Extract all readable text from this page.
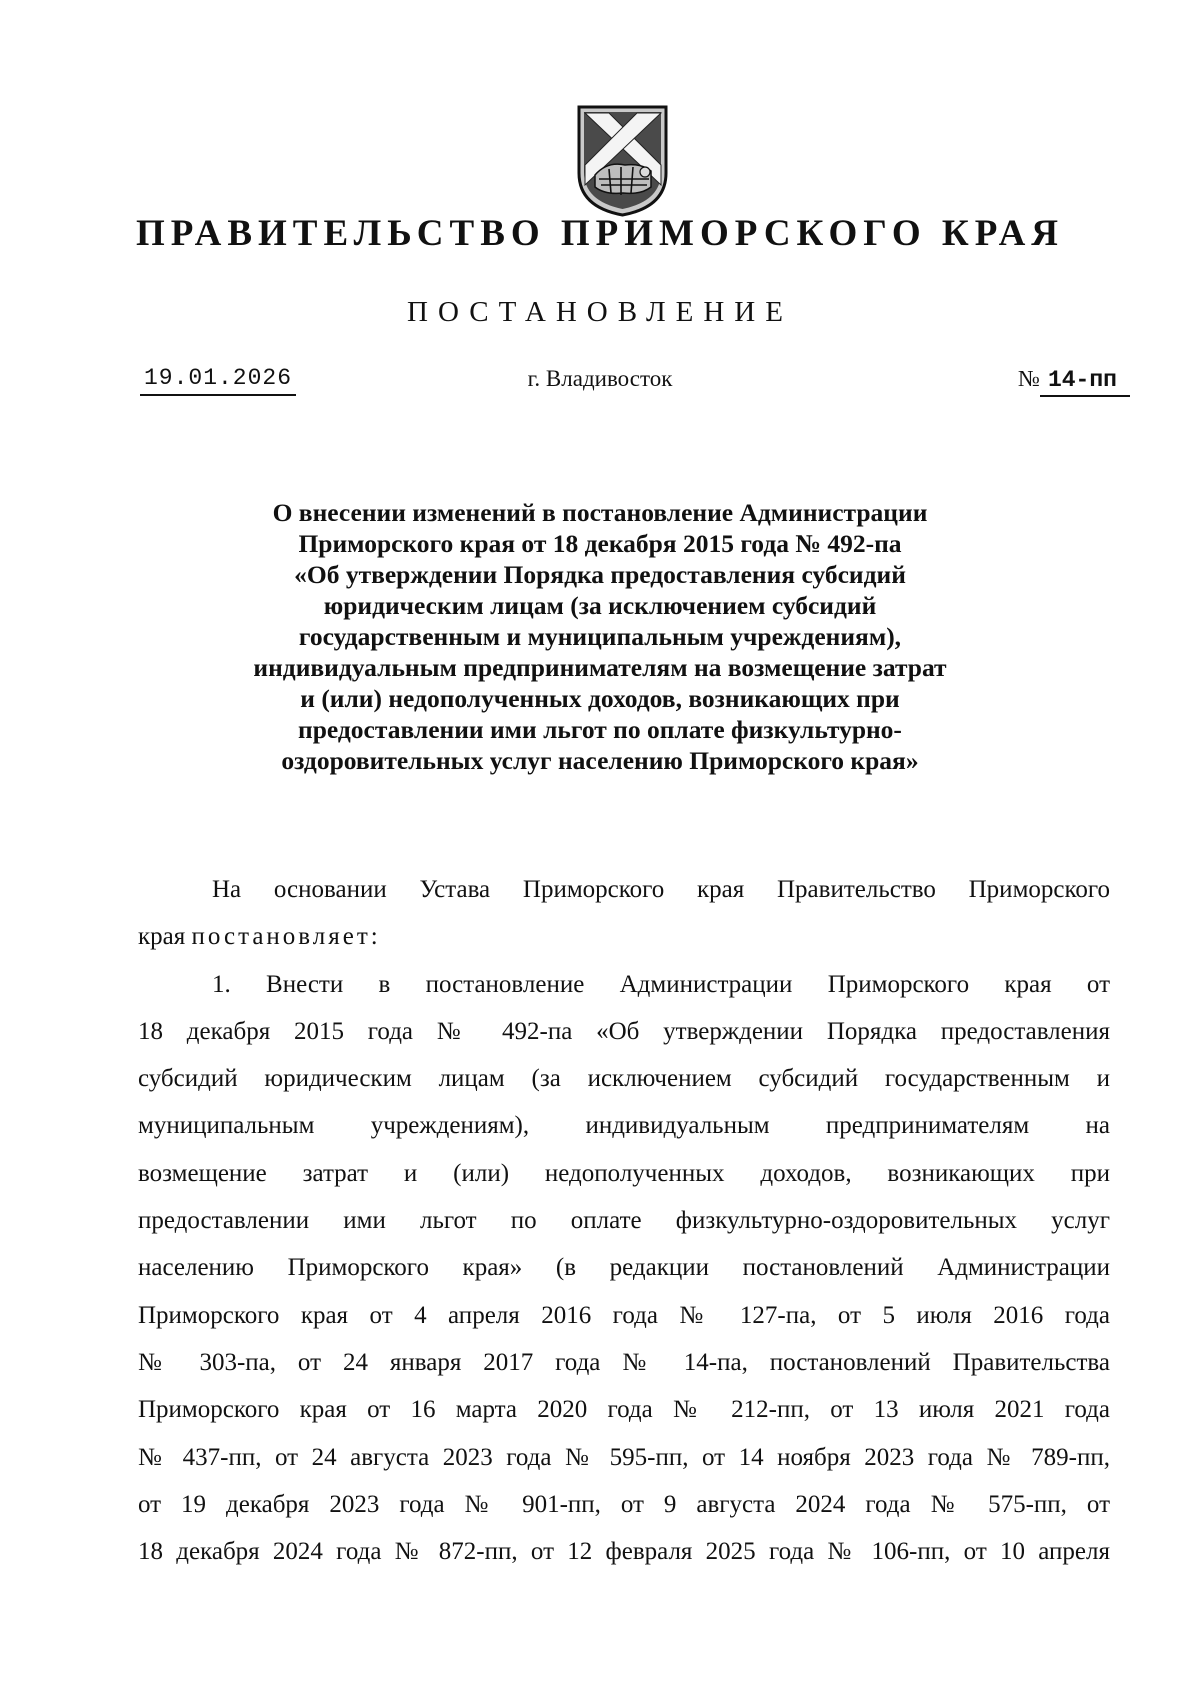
ПРАВИТЕЛЬСТВО ПРИМОРСКОГО КРАЯ
ПОСТАНОВЛЕНИЕ
19.01.2026	г. Владивосток	№ 14-пп
О внесении изменений в постановление Администрации
Приморского края от 18 декабря 2015 года № 492-па
«Об утверждении Порядка предоставления субсидий
юридическим лицам (за исключением субсидий
государственным и муниципальным учреждениям),
индивидуальным предпринимателям на возмещение затрат
и (или) недополученных доходов, возникающих при
предоставлении ими льгот по оплате физкультурно-
оздоровительных услуг населению Приморского края»
На основании Устава Приморского края Правительство Приморского
края постановляет:
1. Внести в постановление Администрации Приморского края от
18 декабря 2015 года № 492-па «Об утверждении Порядка предоставления
субсидий юридическим лицам (за исключением субсидий государственным и
муниципальным учреждениям), индивидуальным предпринимателям на
возмещение затрат и (или) недополученных доходов, возникающих при
предоставлении ими льгот по оплате физкультурно-оздоровительных услуг
населению Приморского края» (в редакции постановлений Администрации
Приморского края от 4 апреля 2016 года № 127-па, от 5 июля 2016 года
№ 303-па, от 24 января 2017 года № 14-па, постановлений Правительства
Приморского края от 16 марта 2020 года № 212-пп, от 13 июля 2021 года
№ 437-пп, от 24 августа 2023 года № 595-пп, от 14 ноября 2023 года № 789-пп,
от 19 декабря 2023 года № 901-пп, от 9 августа 2024 года № 575-пп, от
18 декабря 2024 года № 872-пп, от 12 февраля 2025 года № 106-пп, от 10 апреля
